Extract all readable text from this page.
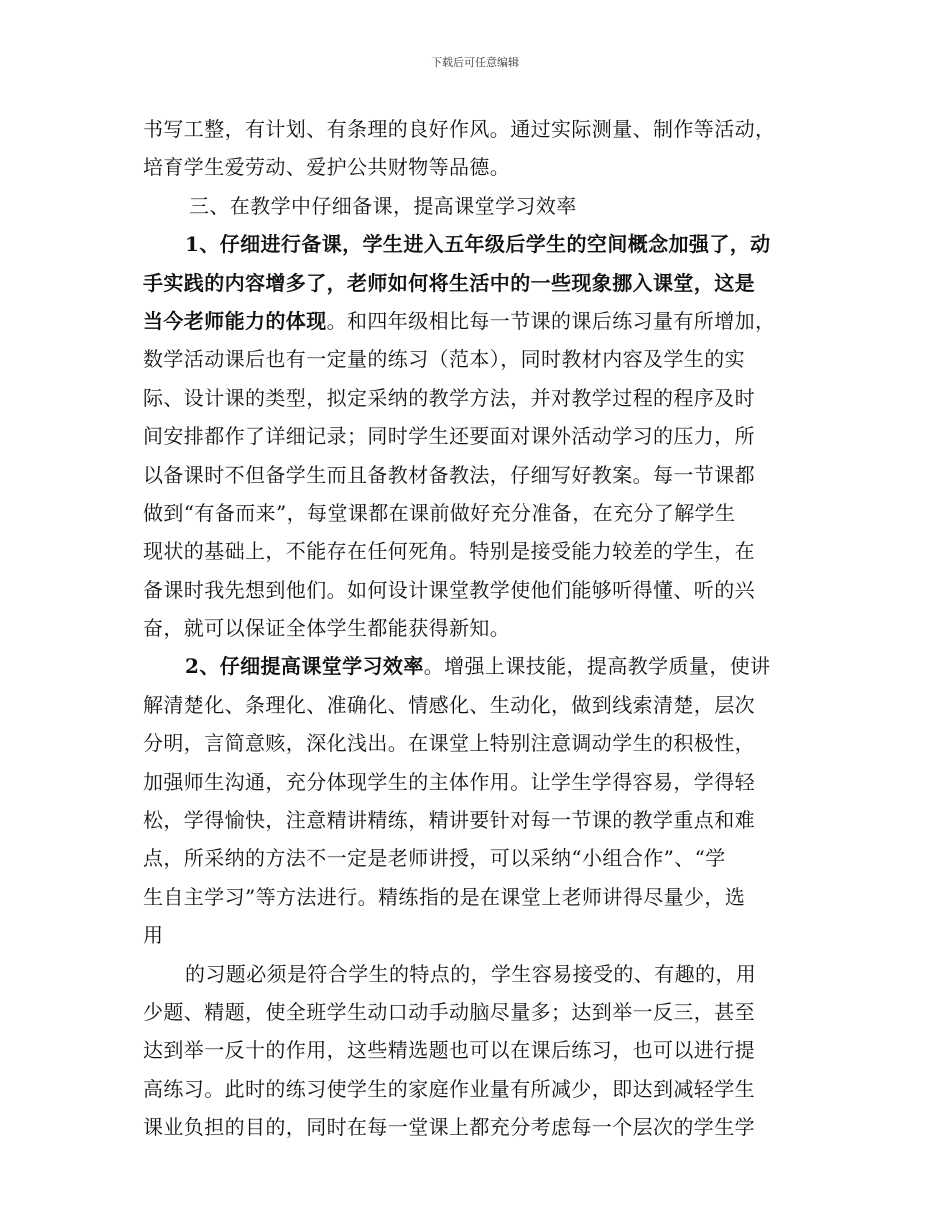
下载后可任意编辑
书写工整，有计划、有条理的良好作风。通过实际测量、制作等活动，
培育学生爱劳动、爱护公共财物等品德。
三、在教学中仔细备课，提高课堂学习效率
1、仔细进行备课，学生进入五年级后学生的空间概念加强了，动
手实践的内容增多了，老师如何将生活中的一些现象挪入课堂，这是
当今老师能力的体现。和四年级相比每一节课的课后练习量有所增加，
数学活动课后也有一定量的练习（范本），同时教材内容及学生的实
际、设计课的类型，拟定采纳的教学方法，并对教学过程的程序及时
间安排都作了详细记录；同时学生还要面对课外活动学习的压力，所
以备课时不但备学生而且备教材备教法，仔细写好教案。每一节课都
做到“有备而来”，每堂课都在课前做好充分准备，在充分了解学生
现状的基础上，不能存在任何死角。特别是接受能力较差的学生，在
备课时我先想到他们。如何设计课堂教学使他们能够听得懂、听的兴
奋，就可以保证全体学生都能获得新知。
2、仔细提高课堂学习效率。增强上课技能，提高教学质量，使讲
解清楚化、条理化、准确化、情感化、生动化，做到线索清楚，层次
分明，言简意赅，深化浅出。在课堂上特别注意调动学生的积极性，
加强师生沟通，充分体现学生的主体作用。让学生学得容易，学得轻
松，学得愉快，注意精讲精练，精讲要针对每一节课的教学重点和难
点，所采纳的方法不一定是老师讲授，可以采纳“小组合作”、“学
生自主学习”等方法进行。精练指的是在课堂上老师讲得尽量少，选
用
的习题必须是符合学生的特点的，学生容易接受的、有趣的，用
少题、精题，使全班学生动口动手动脑尽量多；达到举一反三，甚至
达到举一反十的作用，这些精选题也可以在课后练习，也可以进行提
高练习。此时的练习使学生的家庭作业量有所减少，即达到减轻学生
课业负担的目的，同时在每一堂课上都充分考虑每一个层次的学生学
